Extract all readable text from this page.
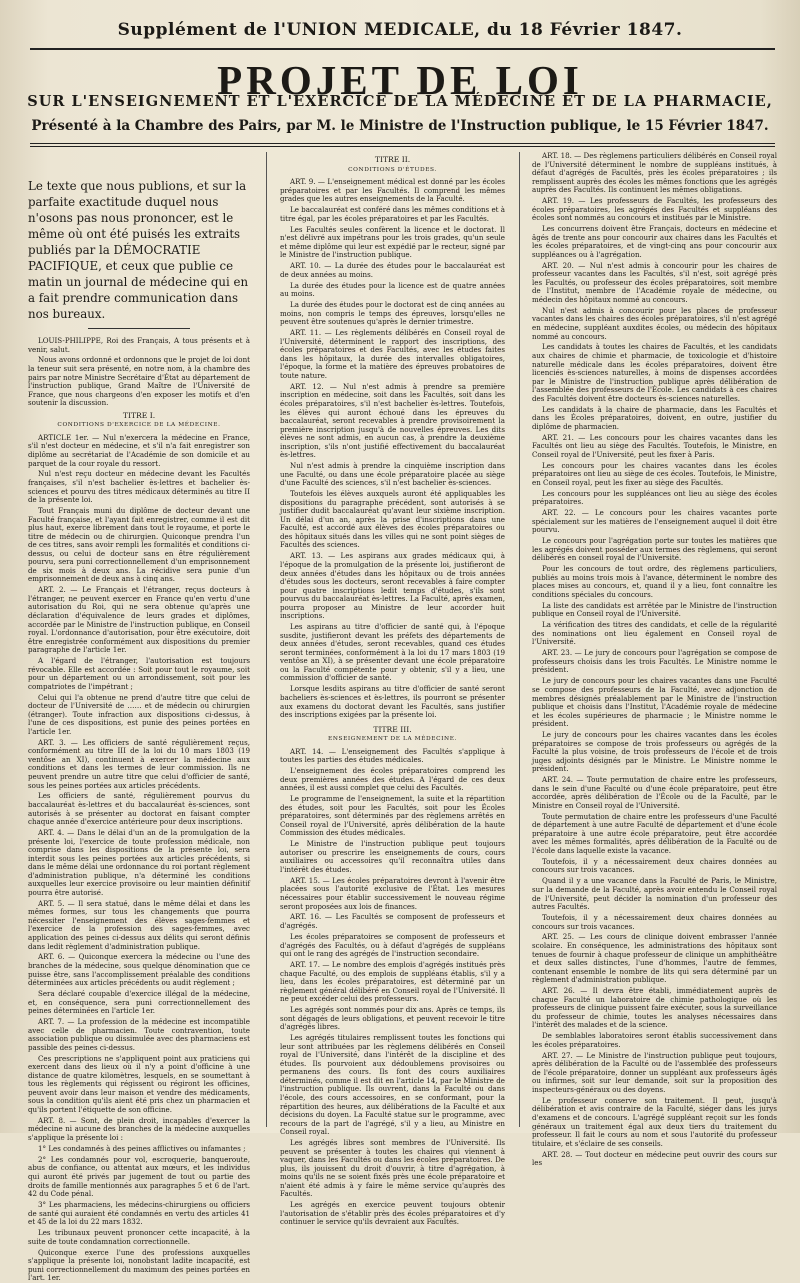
Supplément de l'UNION MEDICALE, du 18 Février 1847.
PROJET DE LOI
SUR L'ENSEIGNEMENT ET L'EXERCICE DE LA MÉDECINE ET DE LA PHARMACIE,
Présenté à la Chambre des Pairs, par M. le Ministre de l'Instruction publique, le 15 Février 1847.
Le texte que nous publions, et sur la parfaite exactitude duquel nous n'osons pas nous prononcer, est le même où ont été puisés les extraits publiés par la DÉMOCRATIE PACIFIQUE, et ceux que publie ce matin un journal de médecine qui en a fait prendre communication dans nos bureaux.
LOUIS-PHILIPPE, Roi des Français, A tous présents et à venir, salut.
Nous avons ordonné et ordonnons que le projet de loi dont la teneur suit sera présenté, en notre nom, à la chambre des pairs par notre Ministre Secrétaire d'État au département de l'instruction publique, Grand Maître de l'Université de France, que nous chargeons d'en exposer les motifs et d'en soutenir la discussion.
TITRE I.
CONDITIONS D'EXERCICE DE LA MÉDECINE.
ARTICLE 1er. — Nul n'exercera la médecine en France, s'il n'est docteur en médecine, et s'il n'a fait enregistrer son diplôme au secrétariat de l'Académie de son domicile et au parquet de la cour royale du ressort.
Nul n'est reçu docteur en médecine devant les Facultés françaises, s'il n'est bachelier ès-lettres et bachelier ès-sciences et pourvu des titres médicaux déterminés au titre II de la présente loi.
Tout Français muni du diplôme de docteur devant une Faculté française, et l'ayant fait enregistrer, comme il est dit plus haut, exerce librement dans tout le royaume, et porte le titre de médecin ou de chirurgien. Quiconque prendra l'un de ces titres, sans avoir rempli les formalités et conditions ci-dessus, ou celui de docteur sans en être régulièrement pourvu, sera puni correctionnellement d'un emprisonnement de six mois à deux ans. La récidive sera punie d'un emprisonnement de deux ans à cinq ans.
ART. 2. — Le Français et l'étranger, reçus docteurs à l'étranger, ne peuvent exercer en France qu'en vertu d'une autorisation du Roi, qui ne sera obtenue qu'après une déclaration d'équivalence de leurs grades et diplômes, accordée par le Ministre de l'instruction publique, en Conseil royal. L'ordonnance d'autorisation, pour être exécutoire, doit être enregistrée conformément aux dispositions du premier paragraphe de l'article 1er.
A l'égard de l'étranger, l'autorisation est toujours révocable. Elle est accordée : Soit pour tout le royaume, soit pour un département ou un arrondissement, soit pour les compatriotes de l'impétrant ;
Celui qui l'a obtenue ne prend d'autre titre que celui de docteur de l'Université de …… et de médecin ou chirurgien (étranger). Toute infraction aux dispositions ci-dessus, à l'une de ces dispositions, est punie des peines portées en l'article 1er.
ART. 3. — Les officiers de santé régulièrement reçus, conformément au titre III de la loi du 10 mars 1803 (19 ventôse an XI), continuent à exercer la médecine aux conditions et dans les termes de leur commission. Ils ne peuvent prendre un autre titre que celui d'officier de santé, sous les peines portées aux articles précédents.
Les officiers de santé, régulièrement pourvus du baccalauréat ès-lettres et du baccalauréat ès-sciences, sont autorisés à se présenter au doctorat en faisant compter chaque année d'exercice antérieure pour deux inscriptions.
ART. 4. — Dans le délai d'un an de la promulgation de la présente loi, l'exercice de toute profession médicale, non comprise dans les dispositions de la présente loi, sera interdit sous les peines portées aux articles précédents, si dans le même délai une ordonnance du roi portant règlement d'administration publique, n'a déterminé les conditions auxquelles leur exercice provisoire ou leur maintien définitif pourra être autorisé.
ART. 5. — Il sera statué, dans le même délai et dans les mêmes formes, sur tous les changements que pourra nécessiter l'enseignement des élèves sages-femmes et l'exercice de la profession des sages-femmes, avec application des peines ci-dessus aux délits qui seront définis dans ledit règlement d'administration publique.
ART. 6. — Quiconque exercera la médecine ou l'une des branches de la médecine, sous quelque dénomination que ce puisse être, sans l'accomplissement préalable des conditions déterminées aux articles précédents ou audit règlement ;
Sera déclaré coupable d'exercice illégal de la médecine, et, en conséquence, sera puni correctionnellement des peines déterminées en l'article 1er.
ART. 7. — La profession de la médecine est incompatible avec celle de pharmacien. Toute contravention, toute association publique ou dissimulée avec des pharmaciens est passible des peines ci-dessus.
Ces prescriptions ne s'appliquent point aux praticiens qui exercent dans des lieux où il n'y a point d'officine à une distance de quatre kilomètres, lesquels, en se soumettant à tous les règlements qui régissent ou régiront les officines, peuvent avoir dans leur maison et vendre des médicaments, sous la condition qu'ils aient été pris chez un pharmacien et qu'ils portent l'étiquette de son officine.
ART. 8. — Sont, de plein droit, incapables d'exercer la médecine ni aucune des branches de la médecine auxquelles s'applique la présente loi :
1° Les condamnés à des peines afflictives ou infamantes ;
2° Les condamnés pour vol, escroquerie, banqueroute, abus de confiance, ou attentat aux mœurs, et les individus qui auront été privés par jugement de tout ou partie des droits de famille mentionnés aux paragraphes 5 et 6 de l'art. 42 du Code pénal.
3° Les pharmaciens, les médecins-chirurgiens ou officiers de santé qui auraient été condamnés en vertu des articles 41 et 45 de la loi du 22 mars 1832.
Les tribunaux peuvent prononcer cette incapacité, à la suite de toute condamnation correctionnelle.
Quiconque exerce l'une des professions auxquelles s'applique la présente loi, nonobstant ladite incapacité, est puni correctionnellement du maximum des peines portées en l'art. 1er.
TITRE II.
CONDITIONS D'ÉTUDES.
ART. 9. — L'enseignement médical est donné par les écoles préparatoires et par les Facultés. Il comprend les mêmes grades que les autres enseignements de la Faculté.
Le baccalauréat est conféré dans les mêmes conditions et à titre égal, par les écoles préparatoires et par les Facultés.
Les Facultés seules confèrent la licence et le doctorat. Il n'est délivré aux impétrans pour les trois grades, qu'un seule et même diplôme qui leur est expédié par le recteur, signé par le Ministre de l'instruction publique.
ART. 10. — La durée des études pour le baccalauréat est de deux années au moins.
La durée des études pour la licence est de quatre années au moins.
La durée des études pour le doctorat est de cinq années au moins, non compris le temps des épreuves, lorsqu'elles ne peuvent être soutenues qu'après le dernier trimestre.
ART. 11. — Les règlements délibérés en Conseil royal de l'Université, déterminent le rapport des inscriptions, des écoles préparatoires et des Facultés, avec les études faites dans les hôpitaux, la durée des intervalles obligatoires, l'époque, la forme et la matière des épreuves probatoires de toute nature.
ART. 12. — Nul n'est admis à prendre sa première inscription en médecine, soit dans les Facultés, soit dans les écoles préparatoires, s'il n'est bachelier ès-lettres. Toutefois, les élèves qui auront échoué dans les épreuves du baccalauréat, seront recevables à prendre provisoirement la première inscription jusqu'à de nouvelles épreuves. Les dits élèves ne sont admis, en aucun cas, à prendre la deuxième inscription, s'ils n'ont justifié effectivement du baccalauréat ès-lettres.
Nul n'est admis à prendre la cinquième inscription dans une Faculté, ou dans une école préparatoire placée au siège d'une Faculté des sciences, s'il n'est bachelier ès-sciences.
Toutefois les élèves auxquels auront été appliquables les dispositions du paragraphe précédent, sont autorisés à se justifier dudit baccalauréat qu'avant leur sixième inscription. Un délai d'un an, après la prise d'inscriptions dans une Faculté, est accordé aux élèves des écoles préparatoires ou des hôpitaux situés dans les villes qui ne sont point sièges de Facultés des sciences.
ART. 13. — Les aspirans aux grades médicaux qui, à l'époque de la promulgation de la présente loi, justifieront de deux années d'études dans les hôpitaux ou de trois années d'études sous les docteurs, seront recevables à faire compter pour quatre inscriptions ledit temps d'études, s'ils sont pourvus du baccalauréat ès-lettres. La Faculté, après examen, pourra proposer au Ministre de leur accorder huit inscriptions.
Les aspirans au titre d'officier de santé qui, à l'époque susdite, justifieront devant les préfets des départements de deux années d'études, seront recevables, quand ces études seront terminées, conformément à la loi du 17 mars 1803 (19 ventôse an XI), à se présenter devant une école préparatoire ou la Faculté compétente pour y obtenir, s'il y a lieu, une commission d'officier de santé.
Lorsque lesdits aspirans au titre d'officier de santé seront bacheliers ès-sciences et ès-lettres, ils pourront se présenter aux examens du doctorat devant les Facultés, sans justifier des inscriptions exigées par la présente loi.
TITRE III.
ENSEIGNEMENT DE LA MÉDECINE.
ART. 14. — L'enseignement des Facultés s'applique à toutes les parties des études médicales.
L'enseignement des écoles préparatoires comprend les deux premières années des études. A l'égard de ces deux années, il est aussi complet que celui des Facultés.
Le programme de l'enseignement, la suite et la répartition des études, soit pour les Facultés, soit pour les Écoles préparatoires, sont déterminés par des règlemens arrêtés en Conseil royal de l'Université, après délibération de la haute Commission des études médicales.
Le Ministre de l'instruction publique peut toujours autoriser ou prescrire les enseignements de cours, cours auxiliaires ou accessoires qu'il reconnaîtra utiles dans l'intérêt des études.
ART. 15. — Les écoles préparatoires devront à l'avenir être placées sous l'autorité exclusive de l'État. Les mesures nécessaires pour établir successivement le nouveau régime seront proposées aux lois de finances.
ART. 16. — Les Facultés se composent de professeurs et d'agrégés.
Les écoles préparatoires se composent de professeurs et d'agrégés des Facultés, ou à défaut d'agrégés de suppléans qui ont le rang des agrégés de l'instruction secondaire.
ART. 17. — Le nombre des emplois d'agrégés institués près chaque Faculté, ou des emplois de suppléans établis, s'il y a lieu, dans les écoles préparatoires, est déterminé par un règlement général délibéré en Conseil royal de l'Université. Il ne peut excéder celui des professeurs.
Les agrégés sont nommés pour dix ans. Après ce temps, ils sont dégagés de leurs obligations, et peuvent recevoir le titre d'agrégés libres.
Les agrégés titulaires remplissent toutes les fonctions qui leur sont attribuées par les règlemens délibérés en Conseil royal de l'Université, dans l'intérêt de la discipline et des études. Ils pourvoient aux dédoublemens provisoires ou permanens des cours. Ils font des cours auxiliaires déterminés, comme il est dit en l'article 14, par le Ministre de l'instruction publique. Ils ouvrent, dans la Faculté ou dans l'école, des cours accessoires, en se conformant, pour la répartition des heures, aux délibérations de la Faculté et aux décisions du doyen. La Faculté statue sur le programme, avec recours de la part de l'agrégé, s'il y a lieu, au Ministre en Conseil royal.
Les agrégés libres sont membres de l'Université. Ils peuvent se présenter à toutes les chaires qui viennent à vaquer, dans les Facultés ou dans les écoles préparatoires. De plus, ils jouissent du droit d'ouvrir, à titre d'agrégation, à moins qu'ils ne se soient fixés près une école préparatoire et n'aient été admis à y faire le même service qu'auprès des Facultés.
Les agrégés en exercice peuvent toujours obtenir l'autorisation de s'établir près des écoles préparatoires et d'y continuer le service qu'ils devraient aux Facultés.
ART. 18. — Des règlemens particuliers délibérés en Conseil royal de l'Université déterminent le nombre de suppléans institués, à défaut d'agrégés de Facultés, près les écoles préparatoires ; ils remplissent auprès des écoles les mêmes fonctions que les agrégés auprès des Facultés. Ils continuent les mêmes obligations.
ART. 19. — Les professeurs de Facultés, les professeurs des écoles préparatoires, les agrégés des Facultés et suppléans des écoles sont nommés au concours et institués par le Ministre.
Les concurrens doivent être Français, docteurs en médecine et âgés de trente ans pour concourir aux chaires dans les Facultés et les écoles préparatoires, et de vingt-cinq ans pour concourir aux suppléances ou à l'agrégation.
ART. 20. — Nul n'est admis à concourir pour les chaires de professeur vacantes dans les Facultés, s'il n'est, soit agrégé près les Facultés, ou professeur des écoles préparatoires, soit membre de l'Institut, membre de l'Académie royale de médecine, ou médecin des hôpitaux nommé au concours.
Nul n'est admis à concourir pour les places de professeur vacantes dans les chaires des écoles préparatoires, s'il n'est agrégé en médecine, suppléant auxdites écoles, ou médecin des hôpitaux nommé au concours.
Les candidats à toutes les chaires de Facultés, et les candidats aux chaires de chimie et pharmacie, de toxicologie et d'histoire naturelle médicale dans les écoles préparatoires, doivent être licenciés ès-sciences naturelles, à moins de dispenses accordées par le Ministre de l'instruction publique après délibération de l'assemblée des professeurs de l'École. Les candidats à ces chaires des Facultés doivent être docteurs ès-sciences naturelles.
Les candidats à la chaire de pharmacie, dans les Facultés et dans les Écoles préparatoires, doivent, en outre, justifier du diplôme de pharmacien.
ART. 21. — Les concours pour les chaires vacantes dans les Facultés ont lieu au siège des Facultés. Toutefois, le Ministre, en Conseil royal de l'Université, peut les fixer à Paris.
Les concours pour les chaires vacantes dans les écoles préparatoires ont lieu au siège de ces écoles. Toutefois, le Ministre, en Conseil royal, peut les fixer au siège des Facultés.
Les concours pour les suppléances ont lieu au siège des écoles préparatoires.
ART. 22. — Le concours pour les chaires vacantes porte spécialement sur les matières de l'enseignement auquel il doit être pourvu.
Le concours pour l'agrégation porte sur toutes les matières que les agrégés doivent posséder aux termes des règlemens, qui seront délibérés en conseil royal de l'Université.
Pour les concours de tout ordre, des règlemens particuliers, publiés au moins trois mois à l'avance, déterminent le nombre des places mises au concours, et, quand il y a lieu, font connaître les conditions spéciales du concours.
La liste des candidats est arrêtée par le Ministre de l'instruction publique en Conseil royal de l'Université.
La vérification des titres des candidats, et celle de la régularité des nominations ont lieu également en Conseil royal de l'Université.
ART. 23. — Le jury de concours pour l'agrégation se compose de professeurs choisis dans les trois Facultés. Le Ministre nomme le président.
Le jury de concours pour les chaires vacantes dans une Faculté se compose des professeurs de la Faculté, avec adjonction de membres désignés préalablement par le Ministre de l'instruction publique et choisis dans l'Institut, l'Académie royale de médecine et les écoles supérieures de pharmacie ; le Ministre nomme le président.
Le jury de concours pour les chaires vacantes dans les écoles préparatoires se compose de trois professeurs ou agrégés de la Faculté la plus voisine, de trois professeurs de l'école et de trois juges adjoints désignés par le Ministre. Le Ministre nomme le président.
ART. 24. — Toute permutation de chaire entre les professeurs, dans le sein d'une Faculté ou d'une école préparatoire, peut être accordée, après délibération de l'École ou de la Faculté, par le Ministre en Conseil royal de l'Université.
Toute permutation de chaire entre les professeurs d'une Faculté de département à une autre Faculté de département et d'une école préparatoire à une autre école préparatoire, peut être accordée avec les mêmes formalités, après délibération de la Faculté ou de l'école dans laquelle existe la vacance.
Toutefois, il y a nécessairement deux chaires données au concours sur trois vacances.
Quand il y a une vacance dans la Faculté de Paris, le Ministre, sur la demande de la Faculté, après avoir entendu le Conseil royal de l'Université, peut décider la nomination d'un professeur des autres Facultés.
Toutefois, il y a nécessairement deux chaires données au concours sur trois vacances.
ART. 25. — Les cours de clinique doivent embrasser l'année scolaire. En conséquence, les administrations des hôpitaux sont tenues de fournir à chaque professeur de clinique un amphithéâtre et deux salles distinctes, l'une d'hommes, l'autre de femmes, contenant ensemble le nombre de lits qui sera déterminé par un règlement d'administration publique.
ART. 26. — Il devra être établi, immédiatement auprès de chaque Faculté un laboratoire de chimie pathologique où les professeurs de clinique puissent faire exécuter, sous la surveillance du professeur de chimie, toutes les analyses nécessaires dans l'intérêt des malades et de la science.
De semblables laboratoires seront établis successivement dans les écoles préparatoires.
ART. 27. — Le Ministre de l'instruction publique peut toujours, après délibération de la Faculté ou de l'assemblée des professeurs de l'école préparatoire, donner un suppléant aux professeurs âgés ou infirmes, soit sur leur demande, soit sur la proposition des inspecteurs-généraux ou des doyens.
Le professeur conserve son traitement. Il peut, jusqu'à délibération et avis contraire de la Faculté, siéger dans les jurys d'examens et de concours. L'agrégé suppléant reçoit sur les fonds généraux un traitement égal aux deux tiers du traitement du professeur. Il fait le cours au nom et sous l'autorité du professeur titulaire, et s'éclaire de ses conseils.
ART. 28. — Tout docteur en médecine peut ouvrir des cours sur les
